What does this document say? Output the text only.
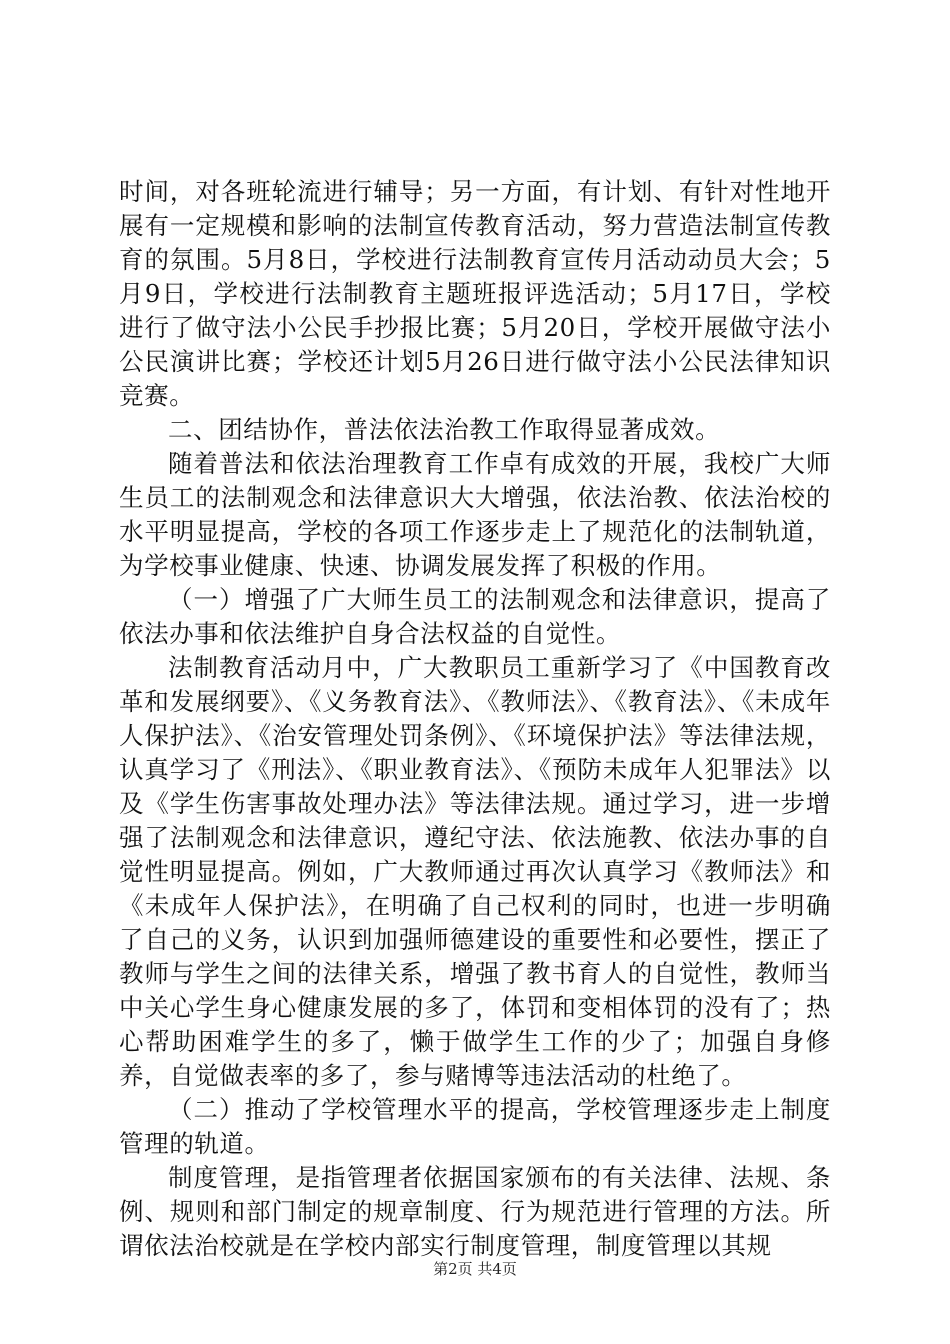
时间，对各班轮流进行辅导；另一方面，有计划、有针对性地开展有一定规模和影响的法制宣传教育活动，努力营造法制宣传教育的氛围。5月8日，学校进行法制教育宣传月活动动员大会；5月9日，学校进行法制教育主题班报评选活动；5月17日，学校进行了做守法小公民手抄报比赛；5月20日，学校开展做守法小公民演讲比赛；学校还计划5月26日进行做守法小公民法律知识竞赛。

二、团结协作，普法依法治教工作取得显著成效。

随着普法和依法治理教育工作卓有成效的开展，我校广大师生员工的法制观念和法律意识大大增强，依法治教、依法治校的水平明显提高，学校的各项工作逐步走上了规范化的法制轨道，为学校事业健康、快速、协调发展发挥了积极的作用。

（一）增强了广大师生员工的法制观念和法律意识，提高了依法办事和依法维护自身合法权益的自觉性。

法制教育活动月中，广大教职员工重新学习了《中国教育改革和发展纲要》、《义务教育法》、《教师法》、《教育法》、《未成年人保护法》、《治安管理处罚条例》、《环境保护法》等法律法规，认真学习了《刑法》、《职业教育法》、《预防未成年人犯罪法》以及《学生伤害事故处理办法》等法律法规。通过学习，进一步增强了法制观念和法律意识，遵纪守法、依法施教、依法办事的自觉性明显提高。例如，广大教师通过再次认真学习《教师法》和《未成年人保护法》，在明确了自己权利的同时，也进一步明确了自己的义务，认识到加强师德建设的重要性和必要性，摆正了教师与学生之间的法律关系，增强了教书育人的自觉性，教师当中关心学生身心健康发展的多了，体罚和变相体罚的没有了；热心帮助困难学生的多了，懒于做学生工作的少了；加强自身修养，自觉做表率的多了，参与赌博等违法活动的杜绝了。

（二）推动了学校管理水平的提高，学校管理逐步走上制度管理的轨道。

制度管理，是指管理者依据国家颁布的有关法律、法规、条例、规则和部门制定的规章制度、行为规范进行管理的方法。所谓依法治校就是在学校内部实行制度管理，制度管理以其规

第2页 共4页
